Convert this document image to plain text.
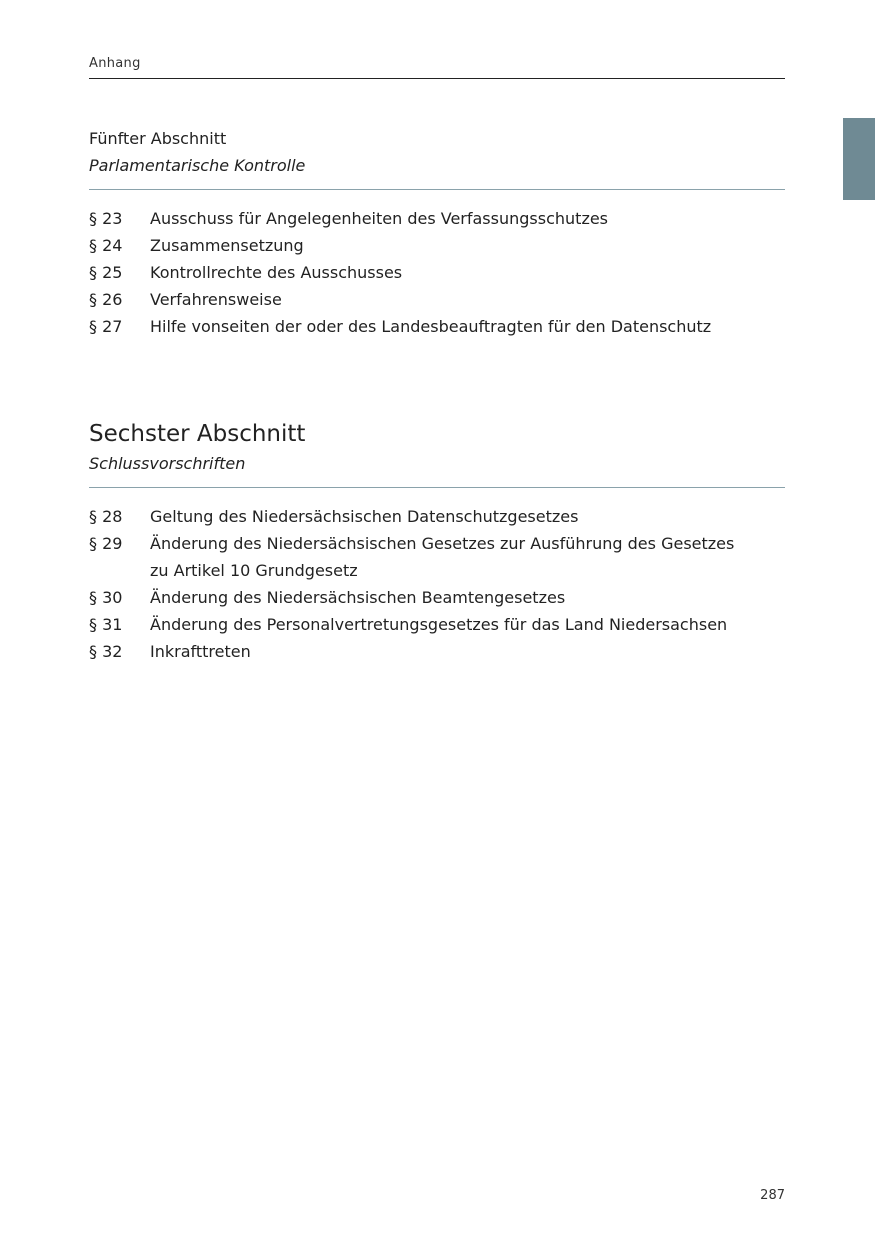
Anhang
Fünfter Abschnitt
Parlamentarische Kontrolle
§ 23	Ausschuss für Angelegenheiten des Verfassungsschutzes
§ 24	Zusammensetzung
§ 25	Kontrollrechte des Ausschusses
§ 26	Verfahrensweise
§ 27	Hilfe vonseiten der oder des Landesbeauftragten für den Datenschutz
Sechster Abschnitt
Schlussvorschriften
§ 28	Geltung des Niedersächsischen Datenschutzgesetzes
§ 29	Änderung des Niedersächsischen Gesetzes zur Ausführung des Gesetzes
zu Artikel 10 Grundgesetz
§ 30	Änderung des Niedersächsischen Beamtengesetzes
§ 31	Änderung des Personalvertretungsgesetzes für das Land Niedersachsen
§ 32	Inkrafttreten
287
